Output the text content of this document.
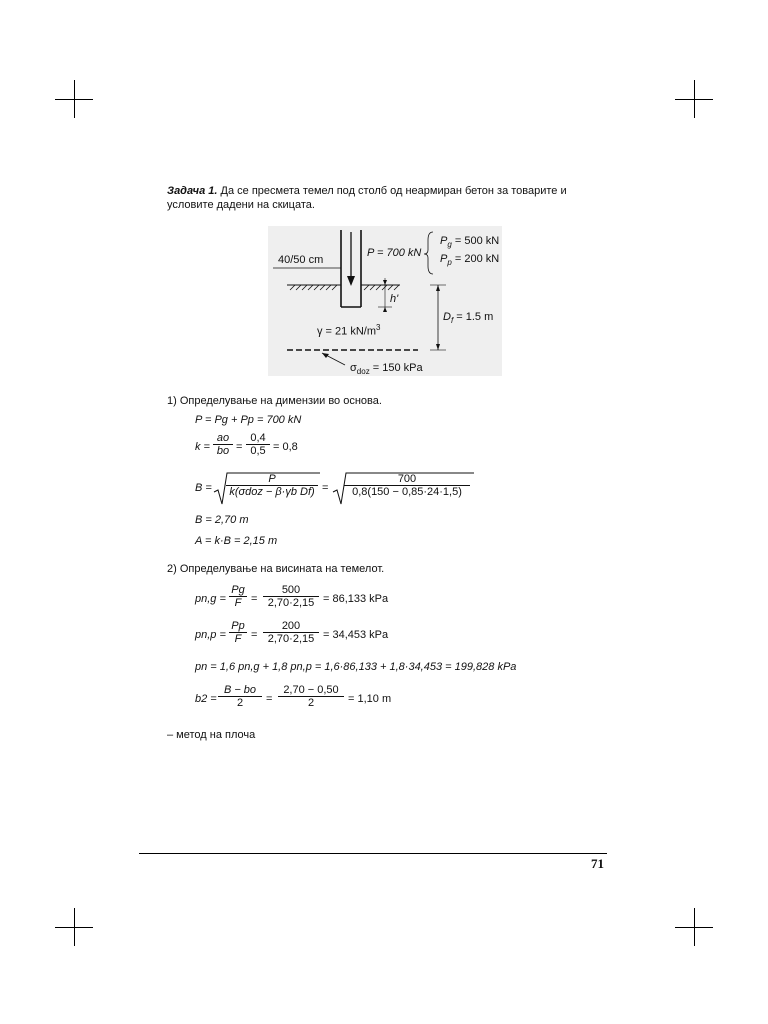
Задача 1. Да се пресмета темел под столб од неармиран бетон за товарите и
условите дадени на скицата.
40/50 cm
P = 700 kN
$P_g = 500$ kN
$P_p = 200$ kN
h'
$D_f = 1.5$ m
γ = 21 $kN/m^3$
$\sigma_{doz} = 150$ kPa
1) Определување на димензии во основа.
P = Pg + Pp = 700 kN
$k = \frac{ao}{bo} = \frac{0,4}{0,5} = 0,8$
B =
P
k(σdoz − β·γb $Df) = \frac{700}{0,8(150 - 0,85\cdot 24\cdot 1,5)}$
B = 2,70 m
A = k·B = 2,15 m
2) Определување на висината на темелот.
$pn,g = \frac{Pg}{F} = \frac{500}{2,70\cdot 2,15} = 86,133$ kPa
$pn,p = \frac{Pp}{F} = \frac{200}{2,70\cdot 2,15} = 34,453$ kPa
pn = 1,6 pn,g + 1,8 pn,p = 1,6·86,133 + 1,8·34,453 = 199,828 kPa
$b2 = \frac{B - bo}{2} = \frac{2,70 - 0,50}{2} = 1,10$ m
– метод на плоча
71
